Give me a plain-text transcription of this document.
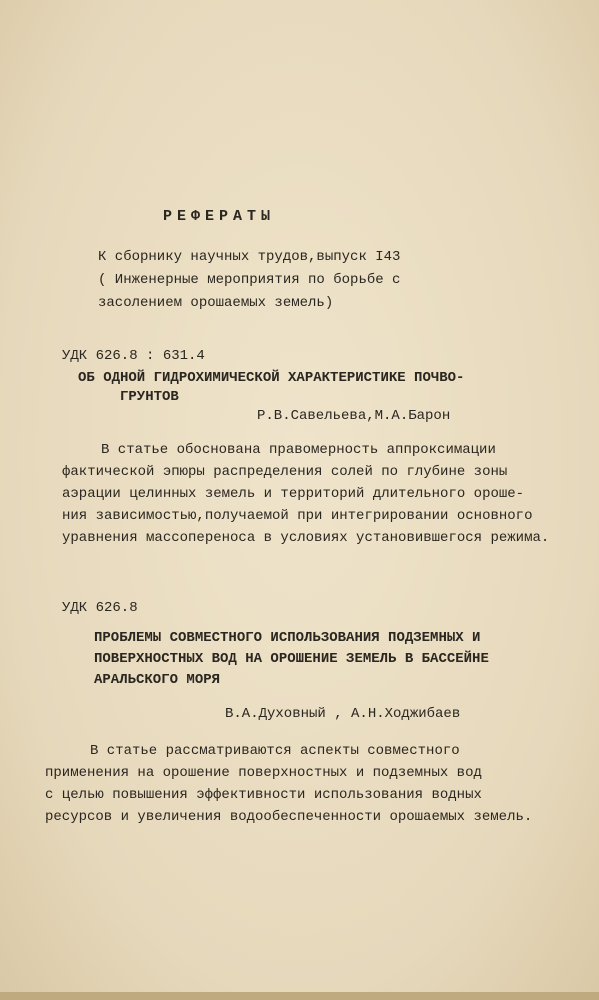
РЕФЕРАТЫ
К сборнику научных трудов,выпуск I43
( Инженерные мероприятия по борьбе с
засолением орошаемых земель)
УДК 626.8 : 631.4
ОБ ОДНОЙ ГИДРОХИМИЧЕСКОЙ ХАРАКТЕРИСТИКЕ ПОЧВО-
ГРУНТОВ
Р.В.Савельева,М.А.Барон
В статье обоснована правомерность аппроксимации
фактической эпюры распределения солей по глубине зоны
аэрации целинных земель и территорий длительного ороше-
ния зависимостью,получаемой при интегрировании основного
уравнения массопереноса в условиях установившегося режима.
УДК 626.8
ПРОБЛЕМЫ СОВМЕСТНОГО ИСПОЛЬЗОВАНИЯ ПОДЗЕМНЫХ И
ПОВЕРХНОСТНЫХ ВОД НА ОРОШЕНИЕ ЗЕМЕЛЬ В БАССЕЙНЕ
АРАЛЬСКОГО МОРЯ
В.А.Духовный , А.Н.Ходжибаев
В статье рассматриваются аспекты совместного
применения на орошение поверхностных и подземных вод
с целью повышения эффективности использования водных
ресурсов и увеличения водообеспеченности орошаемых земель.
